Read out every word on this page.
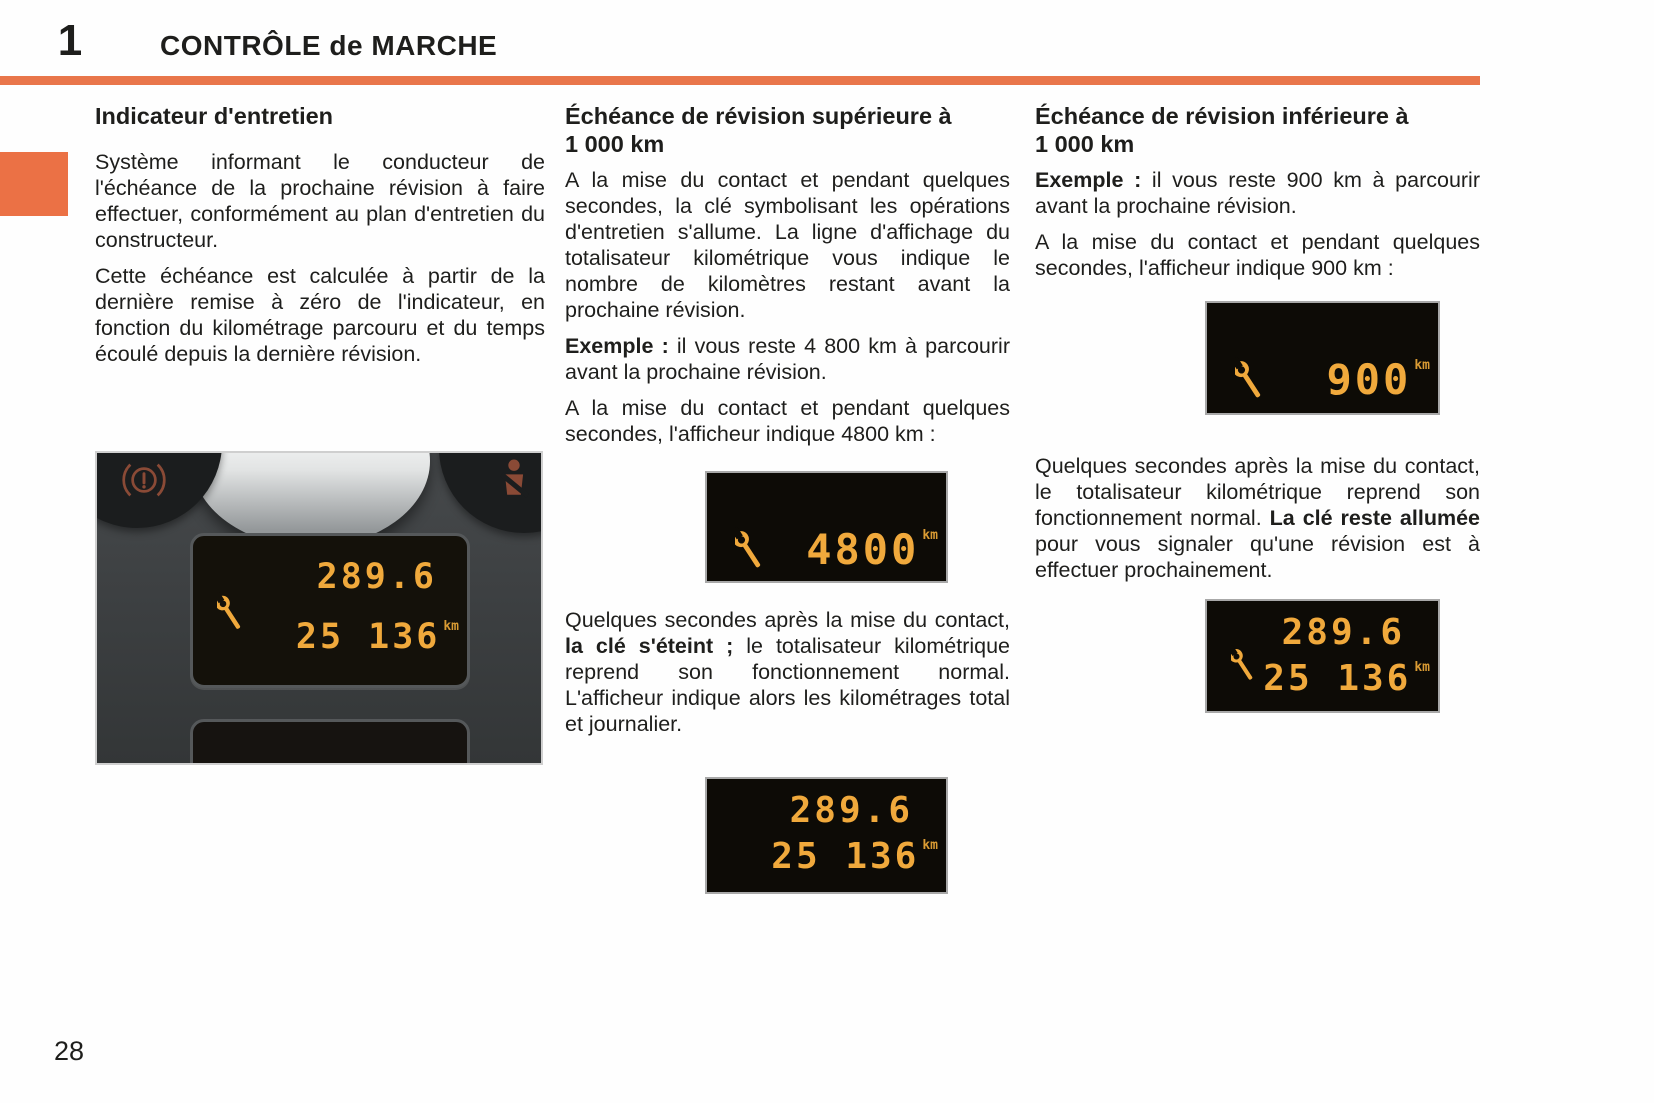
1	CONTRÔLE de MARCHE
28
Indicateur d'entretien

Système informant le conducteur de l'échéance de la prochaine révision à faire effectuer, conformément au plan d'entretien du constructeur.

Cette échéance est calculée à partir de la dernière remise à zéro de l'indicateur, en fonction du kilométrage parcouru et du temps écoulé depuis la dernière révision.

289.6
25 136 km
Échéance de révision supérieure à
1 000 km

A la mise du contact et pendant quelques secondes, la clé symbolisant les opérations d'entretien s'allume. La ligne d'affichage du totalisateur kilométrique vous indique le nombre de kilomètres restant avant la prochaine révision.

Exemple : il vous reste 4 800 km à parcourir avant la prochaine révision.

A la mise du contact et pendant quelques secondes, l'afficheur indique 4800 km :

4800 km

Quelques secondes après la mise du contact, la clé s'éteint ; le totalisateur kilométrique reprend son fonctionnement normal. L'afficheur indique alors les kilométrages total et journalier.

289.6
25 136 km
Échéance de révision inférieure à
1 000 km

Exemple : il vous reste 900 km à parcourir avant la prochaine révision.

A la mise du contact et pendant quelques secondes, l'afficheur indique 900 km :

900 km

Quelques secondes après la mise du contact, le totalisateur kilométrique reprend son fonctionnement normal. La clé reste allumée pour vous signaler qu'une révision est à effectuer prochainement.

289.6
25 136 km
